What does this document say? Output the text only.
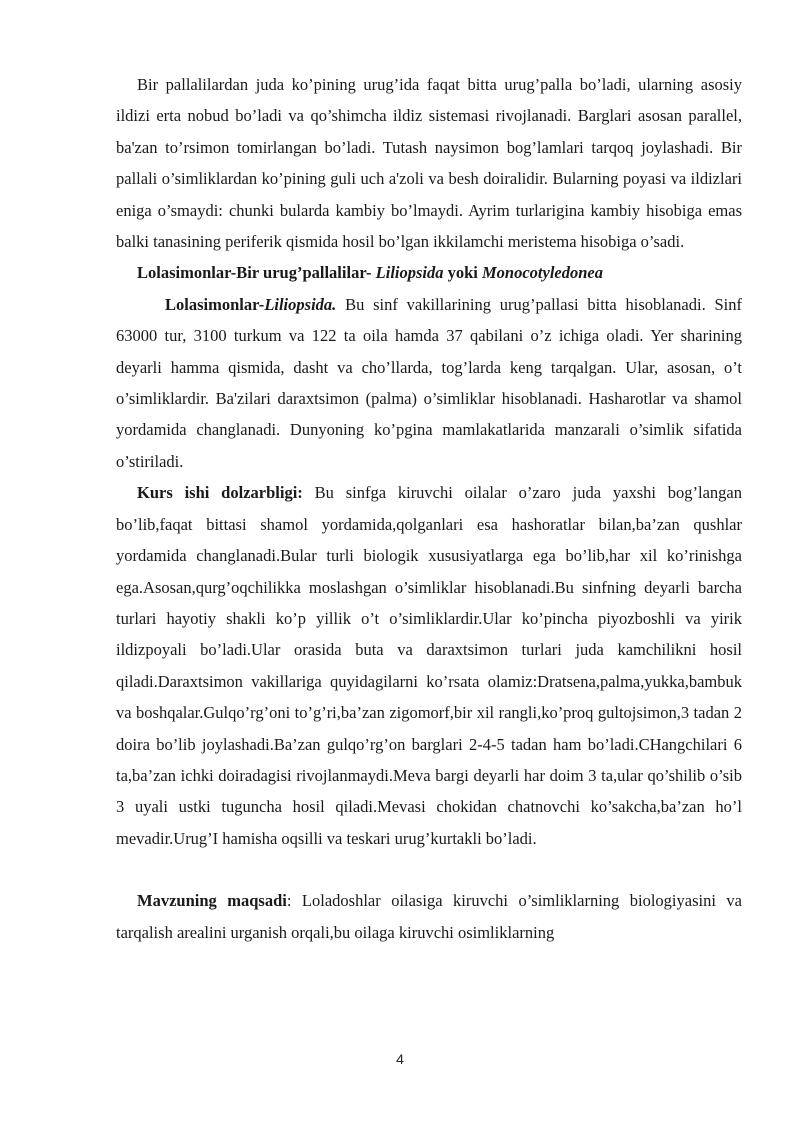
Bir pallalilardan juda ko’pining urug’ida faqat bitta urug’palla bo’ladi, ularning asosiy ildizi erta nobud bo’ladi va qo’shimcha ildiz sistemasi rivojlanadi. Barglari asosan parallel, ba'zan to’rsimon tomirlangan bo’ladi. Tutash naysimon bog’lamlari tarqoq joylashadi. Bir pallali o’simliklardan ko’pining guli uch a'zoli va besh doiralidir. Bularning poyasi va ildizlari eniga o’smaydi: chunki bularda kambiy bo’lmaydi. Ayrim turlarigina kambiy hisobiga emas balki tanasining periferik qismida hosil bo’lgan ikkilamchi meristema hisobiga o’sadi.

Lolasimonlar-Bir urug’pallalilar- Liliopsida yoki Monocotyledonea

Lolasimonlar-Liliopsida. Bu sinf vakillarining urug’pallasi bitta hisoblanadi. Sinf 63000 tur, 3100 turkum va 122 ta oila hamda 37 qabilani o’z ichiga oladi. Yer sharining deyarli hamma qismida, dasht va cho’llarda, tog’larda keng tarqalgan. Ular, asosan, o’t o’simliklardir. Ba'zilari daraxtsimon (palma) o’simliklar hisoblanadi. Hasharotlar va shamol yordamida changlanadi. Dunyoning ko’pgina mamlakatlarida manzarali o’simlik sifatida o’stiriladi.

Kurs ishi dolzarbligi: Bu sinfga kiruvchi oilalar o’zaro juda yaxshi bog’langan bo’lib,faqat bittasi shamol yordamida,qolganlari esa hashoratlar bilan,ba’zan qushlar yordamida changlanadi.Bular turli biologik xususiyatlarga ega bo’lib,har xil ko’rinishga ega.Asosan,qurg’oqchilikka moslashgan o’simliklar hisoblanadi.Bu sinfning deyarli barcha turlari hayotiy shakli ko’p yillik o’t o’simliklardir.Ular ko’pincha piyozboshli va yirik ildizpoyali bo’ladi.Ular orasida buta va daraxtsimon turlari juda kamchilikni hosil qiladi.Daraxtsimon vakillariga quyidagilarni ko’rsata olamiz:Dratsena,palma,yukka,bambuk va boshqalar.Gulqo’rg’oni to’g’ri,ba’zan zigomorf,bir xil rangli,ko’proq gultojsimon,3 tadan 2 doira bo’lib joylashadi.Ba’zan gulqo’rg’on barglari 2-4-5 tadan ham bo’ladi.CHangchilari 6 ta,ba’zan ichki doiradagisi rivojlanmaydi.Meva bargi deyarli har doim 3 ta,ular qo’shilib o’sib 3 uyali ustki tuguncha hosil qiladi.Mevasi chokidan chatnovchi ko’sakcha,ba’zan ho’l mevadir.Urug’I hamisha oqsilli va teskari urug’kurtakli bo’ladi.

Mavzuning maqsadi: Loladoshlar oilasiga kiruvchi o’simliklarning biologiyasini va tarqalish arealini urganish orqali,bu oilaga kiruvchi osimliklarning

4
